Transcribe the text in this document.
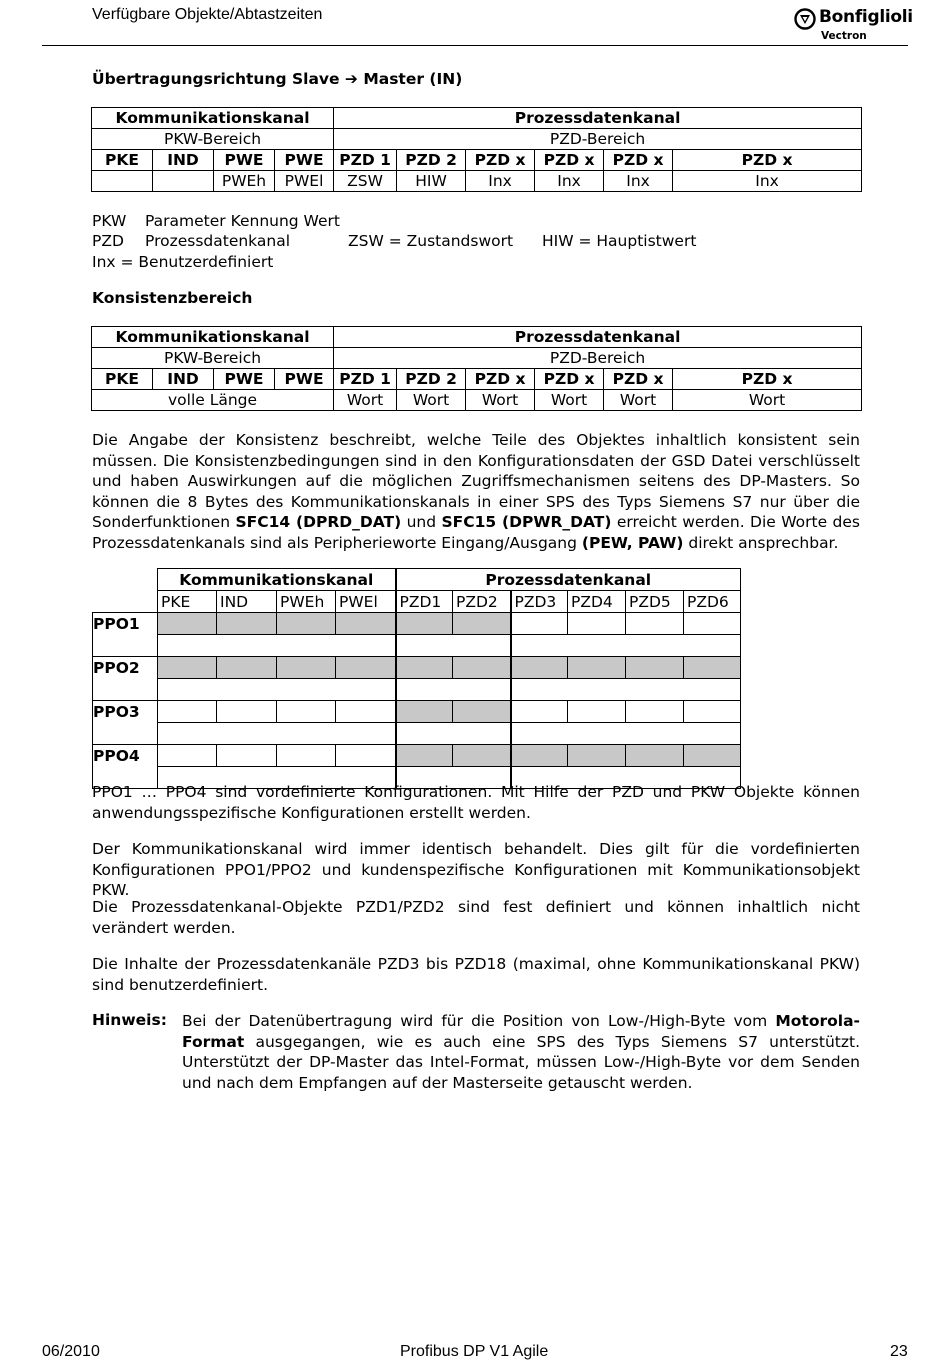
Verfügbare Objekte/Abtastzeiten	Bonfiglioli
Vectron
Übertragungsrichtung Slave ➔ Master (IN)
Kommunikationskanal				Prozessdatenkanal					
PKW-Bereich				PZD-Bereich					
PKE	IND	PWE	PWE	PZD 1	PZD 2	PZD x	PZD x	PZD x	PZD x
		PWEh	PWEl	ZSW	HIW	Inx	Inx	Inx	Inx
PKW Parameter Kennung Wert
PZD Prozessdatenkanal	ZSW = Zustandswort HIW = Hauptistwert
Inx = Benutzerdefiniert
Konsistenzbereich
Kommunikationskanal				Prozessdatenkanal					
PKW-Bereich				PZD-Bereich					
PKE	IND	PWE	PWE	PZD 1	PZD 2	PZD x	PZD x	PZD x	PZD x
volle Länge				Wort	Wort	Wort	Wort	Wort	Wort
Die Angabe der Konsistenz beschreibt, welche Teile des Objektes inhaltlich konsistent sein müssen. Die Konsistenzbedingungen sind in den Konfigurationsdaten der GSD Datei verschlüsselt und haben Auswirkungen auf die möglichen Zugriffsmechanismen seitens des DP-Masters. So können die 8 Bytes des Kommunikationskanals in einer SPS des Typs Siemens S7 nur über die Sonderfunktionen SFC14 (DPRD_DAT) und SFC15 (DPWR_DAT) erreicht werden. Die Worte des Prozessdatenkanals sind als Peripherieworte Eingang/Ausgang (PEW, PAW) direkt ansprechbar.
	Kommunikationskanal				Prozessdatenkanal					
	PKE	IND	PWEh	PWEl	PZD1	PZD2	PZD3	PZD4	PZD5	PZD6
PPO1										

PPO2										

PPO3										

PPO4										

PPO1 … PPO4 sind vordefinierte Konfigurationen. Mit Hilfe der PZD und PKW Objekte können anwendungsspezifische Konfigurationen erstellt werden.
Der Kommunikationskanal wird immer identisch behandelt. Dies gilt für die vordefinierten Konfigurationen PPO1/PPO2 und kundenspezifische Konfigurationen mit Kommunikationsobjekt PKW.
Die Prozessdatenkanal-Objekte PZD1/PZD2 sind fest definiert und können inhaltlich nicht verändert werden.
Die Inhalte der Prozessdatenkanäle PZD3 bis PZD18 (maximal, ohne Kommunikationskanal PKW) sind benutzerdefiniert.
Hinweis: Bei der Datenübertragung wird für die Position von Low-/High-Byte vom Motorola-Format ausgegangen, wie es auch eine SPS des Typs Siemens S7 unterstützt. Unterstützt der DP-Master das Intel-Format, müssen Low-/High-Byte vor dem Senden und nach dem Empfangen auf der Masterseite getauscht werden.
06/2010	Profibus DP V1 Agile	23
